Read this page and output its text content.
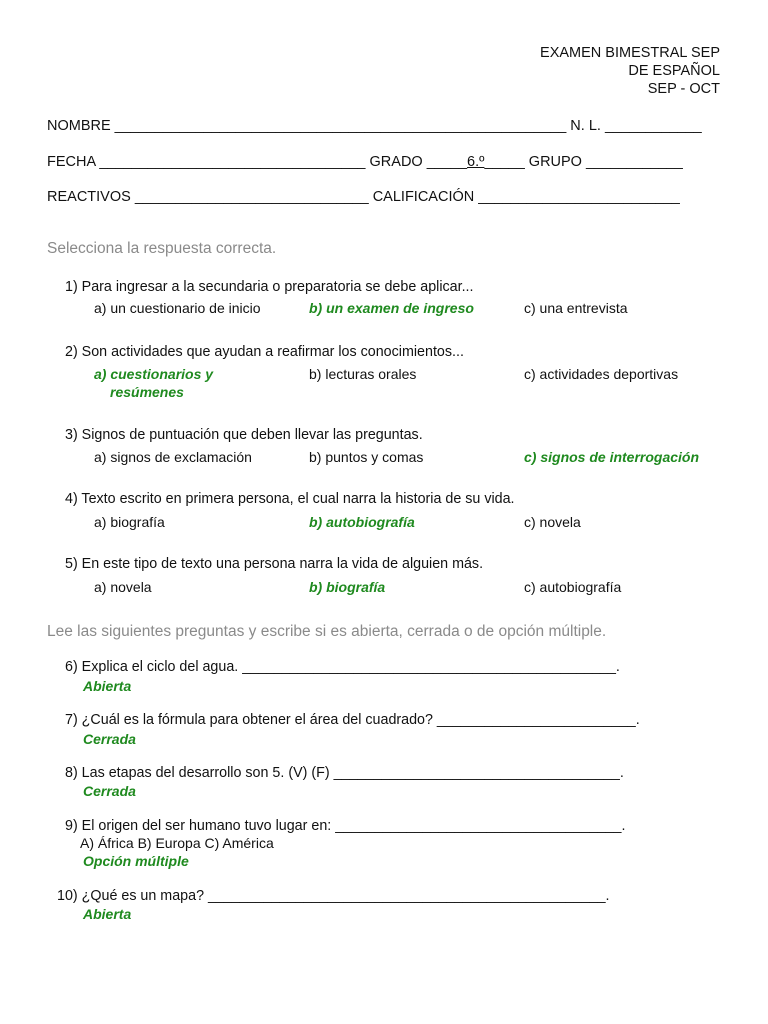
EXAMEN BIMESTRAL SEP
DE ESPAÑOL
SEP - OCT
NOMBRE ________________________________________________________ N. L. ____________
FECHA _________________________________ GRADO _____6.º_____ GRUPO ____________
REACTIVOS _____________________________ CALIFICACIÓN _________________________
Selecciona la respuesta correcta.
1) Para ingresar a la secundaria o preparatoria se debe aplicar...
a) un cuestionario de inicio	b) un examen de ingreso	c) una entrevista
2) Son actividades que ayudan a reafirmar los conocimientos...
a) cuestionarios y
resúmenes
b) lecturas orales	c) actividades deportivas
3) Signos de puntuación que deben llevar las preguntas.
a) signos de exclamación	b) puntos y comas	c) signos de interrogación
4) Texto escrito en primera persona, el cual narra la historia de su vida.
a) biografía	b) autobiografía	c) novela
5) En este tipo de texto una persona narra la vida de alguien más.
a) novela	b) biografía	c) autobiografía
Lee las siguientes preguntas y escribe si es abierta, cerrada o de opción múltiple.
6) Explica el ciclo del agua. _______________________________________________.
Abierta
7) ¿Cuál es la fórmula para obtener el área del cuadrado? _________________________.
Cerrada
8) Las etapas del desarrollo son 5. (V) (F) ____________________________________.
Cerrada
9) El origen del ser humano tuvo lugar en: ____________________________________.
A) África B) Europa C) América
Opción múltiple
10) ¿Qué es un mapa? __________________________________________________.
Abierta
